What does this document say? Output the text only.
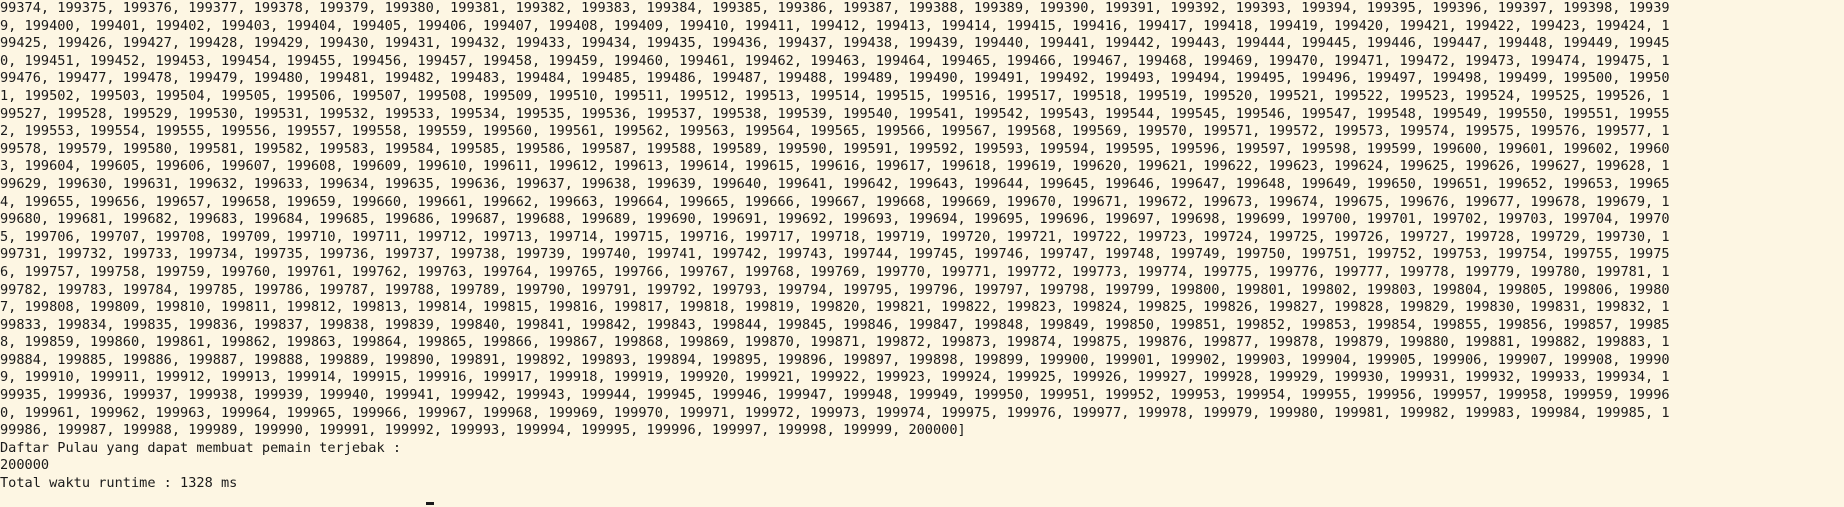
99374, 199375, 199376, 199377, 199378, 199379, 199380, 199381, 199382, 199383, 199384, 199385, 199386, 199387, 199388, 199389, 199390, 199391, 199392, 199393, 199394, 199395, 199396, 199397, 199398, 19939
9, 199400, 199401, 199402, 199403, 199404, 199405, 199406, 199407, 199408, 199409, 199410, 199411, 199412, 199413, 199414, 199415, 199416, 199417, 199418, 199419, 199420, 199421, 199422, 199423, 199424, 1
99425, 199426, 199427, 199428, 199429, 199430, 199431, 199432, 199433, 199434, 199435, 199436, 199437, 199438, 199439, 199440, 199441, 199442, 199443, 199444, 199445, 199446, 199447, 199448, 199449, 19945
0, 199451, 199452, 199453, 199454, 199455, 199456, 199457, 199458, 199459, 199460, 199461, 199462, 199463, 199464, 199465, 199466, 199467, 199468, 199469, 199470, 199471, 199472, 199473, 199474, 199475, 1
99476, 199477, 199478, 199479, 199480, 199481, 199482, 199483, 199484, 199485, 199486, 199487, 199488, 199489, 199490, 199491, 199492, 199493, 199494, 199495, 199496, 199497, 199498, 199499, 199500, 19950
1, 199502, 199503, 199504, 199505, 199506, 199507, 199508, 199509, 199510, 199511, 199512, 199513, 199514, 199515, 199516, 199517, 199518, 199519, 199520, 199521, 199522, 199523, 199524, 199525, 199526, 1
99527, 199528, 199529, 199530, 199531, 199532, 199533, 199534, 199535, 199536, 199537, 199538, 199539, 199540, 199541, 199542, 199543, 199544, 199545, 199546, 199547, 199548, 199549, 199550, 199551, 19955
2, 199553, 199554, 199555, 199556, 199557, 199558, 199559, 199560, 199561, 199562, 199563, 199564, 199565, 199566, 199567, 199568, 199569, 199570, 199571, 199572, 199573, 199574, 199575, 199576, 199577, 1
99578, 199579, 199580, 199581, 199582, 199583, 199584, 199585, 199586, 199587, 199588, 199589, 199590, 199591, 199592, 199593, 199594, 199595, 199596, 199597, 199598, 199599, 199600, 199601, 199602, 19960
3, 199604, 199605, 199606, 199607, 199608, 199609, 199610, 199611, 199612, 199613, 199614, 199615, 199616, 199617, 199618, 199619, 199620, 199621, 199622, 199623, 199624, 199625, 199626, 199627, 199628, 1
99629, 199630, 199631, 199632, 199633, 199634, 199635, 199636, 199637, 199638, 199639, 199640, 199641, 199642, 199643, 199644, 199645, 199646, 199647, 199648, 199649, 199650, 199651, 199652, 199653, 19965
4, 199655, 199656, 199657, 199658, 199659, 199660, 199661, 199662, 199663, 199664, 199665, 199666, 199667, 199668, 199669, 199670, 199671, 199672, 199673, 199674, 199675, 199676, 199677, 199678, 199679, 1
99680, 199681, 199682, 199683, 199684, 199685, 199686, 199687, 199688, 199689, 199690, 199691, 199692, 199693, 199694, 199695, 199696, 199697, 199698, 199699, 199700, 199701, 199702, 199703, 199704, 19970
5, 199706, 199707, 199708, 199709, 199710, 199711, 199712, 199713, 199714, 199715, 199716, 199717, 199718, 199719, 199720, 199721, 199722, 199723, 199724, 199725, 199726, 199727, 199728, 199729, 199730, 1
99731, 199732, 199733, 199734, 199735, 199736, 199737, 199738, 199739, 199740, 199741, 199742, 199743, 199744, 199745, 199746, 199747, 199748, 199749, 199750, 199751, 199752, 199753, 199754, 199755, 19975
6, 199757, 199758, 199759, 199760, 199761, 199762, 199763, 199764, 199765, 199766, 199767, 199768, 199769, 199770, 199771, 199772, 199773, 199774, 199775, 199776, 199777, 199778, 199779, 199780, 199781, 1
99782, 199783, 199784, 199785, 199786, 199787, 199788, 199789, 199790, 199791, 199792, 199793, 199794, 199795, 199796, 199797, 199798, 199799, 199800, 199801, 199802, 199803, 199804, 199805, 199806, 19980
7, 199808, 199809, 199810, 199811, 199812, 199813, 199814, 199815, 199816, 199817, 199818, 199819, 199820, 199821, 199822, 199823, 199824, 199825, 199826, 199827, 199828, 199829, 199830, 199831, 199832, 1
99833, 199834, 199835, 199836, 199837, 199838, 199839, 199840, 199841, 199842, 199843, 199844, 199845, 199846, 199847, 199848, 199849, 199850, 199851, 199852, 199853, 199854, 199855, 199856, 199857, 19985
8, 199859, 199860, 199861, 199862, 199863, 199864, 199865, 199866, 199867, 199868, 199869, 199870, 199871, 199872, 199873, 199874, 199875, 199876, 199877, 199878, 199879, 199880, 199881, 199882, 199883, 1
99884, 199885, 199886, 199887, 199888, 199889, 199890, 199891, 199892, 199893, 199894, 199895, 199896, 199897, 199898, 199899, 199900, 199901, 199902, 199903, 199904, 199905, 199906, 199907, 199908, 19990
9, 199910, 199911, 199912, 199913, 199914, 199915, 199916, 199917, 199918, 199919, 199920, 199921, 199922, 199923, 199924, 199925, 199926, 199927, 199928, 199929, 199930, 199931, 199932, 199933, 199934, 1
99935, 199936, 199937, 199938, 199939, 199940, 199941, 199942, 199943, 199944, 199945, 199946, 199947, 199948, 199949, 199950, 199951, 199952, 199953, 199954, 199955, 199956, 199957, 199958, 199959, 19996
0, 199961, 199962, 199963, 199964, 199965, 199966, 199967, 199968, 199969, 199970, 199971, 199972, 199973, 199974, 199975, 199976, 199977, 199978, 199979, 199980, 199981, 199982, 199983, 199984, 199985, 1
99986, 199987, 199988, 199989, 199990, 199991, 199992, 199993, 199994, 199995, 199996, 199997, 199998, 199999, 200000]
Daftar Pulau yang dapat membuat pemain terjebak :
200000
Total waktu runtime : 1328 ms
